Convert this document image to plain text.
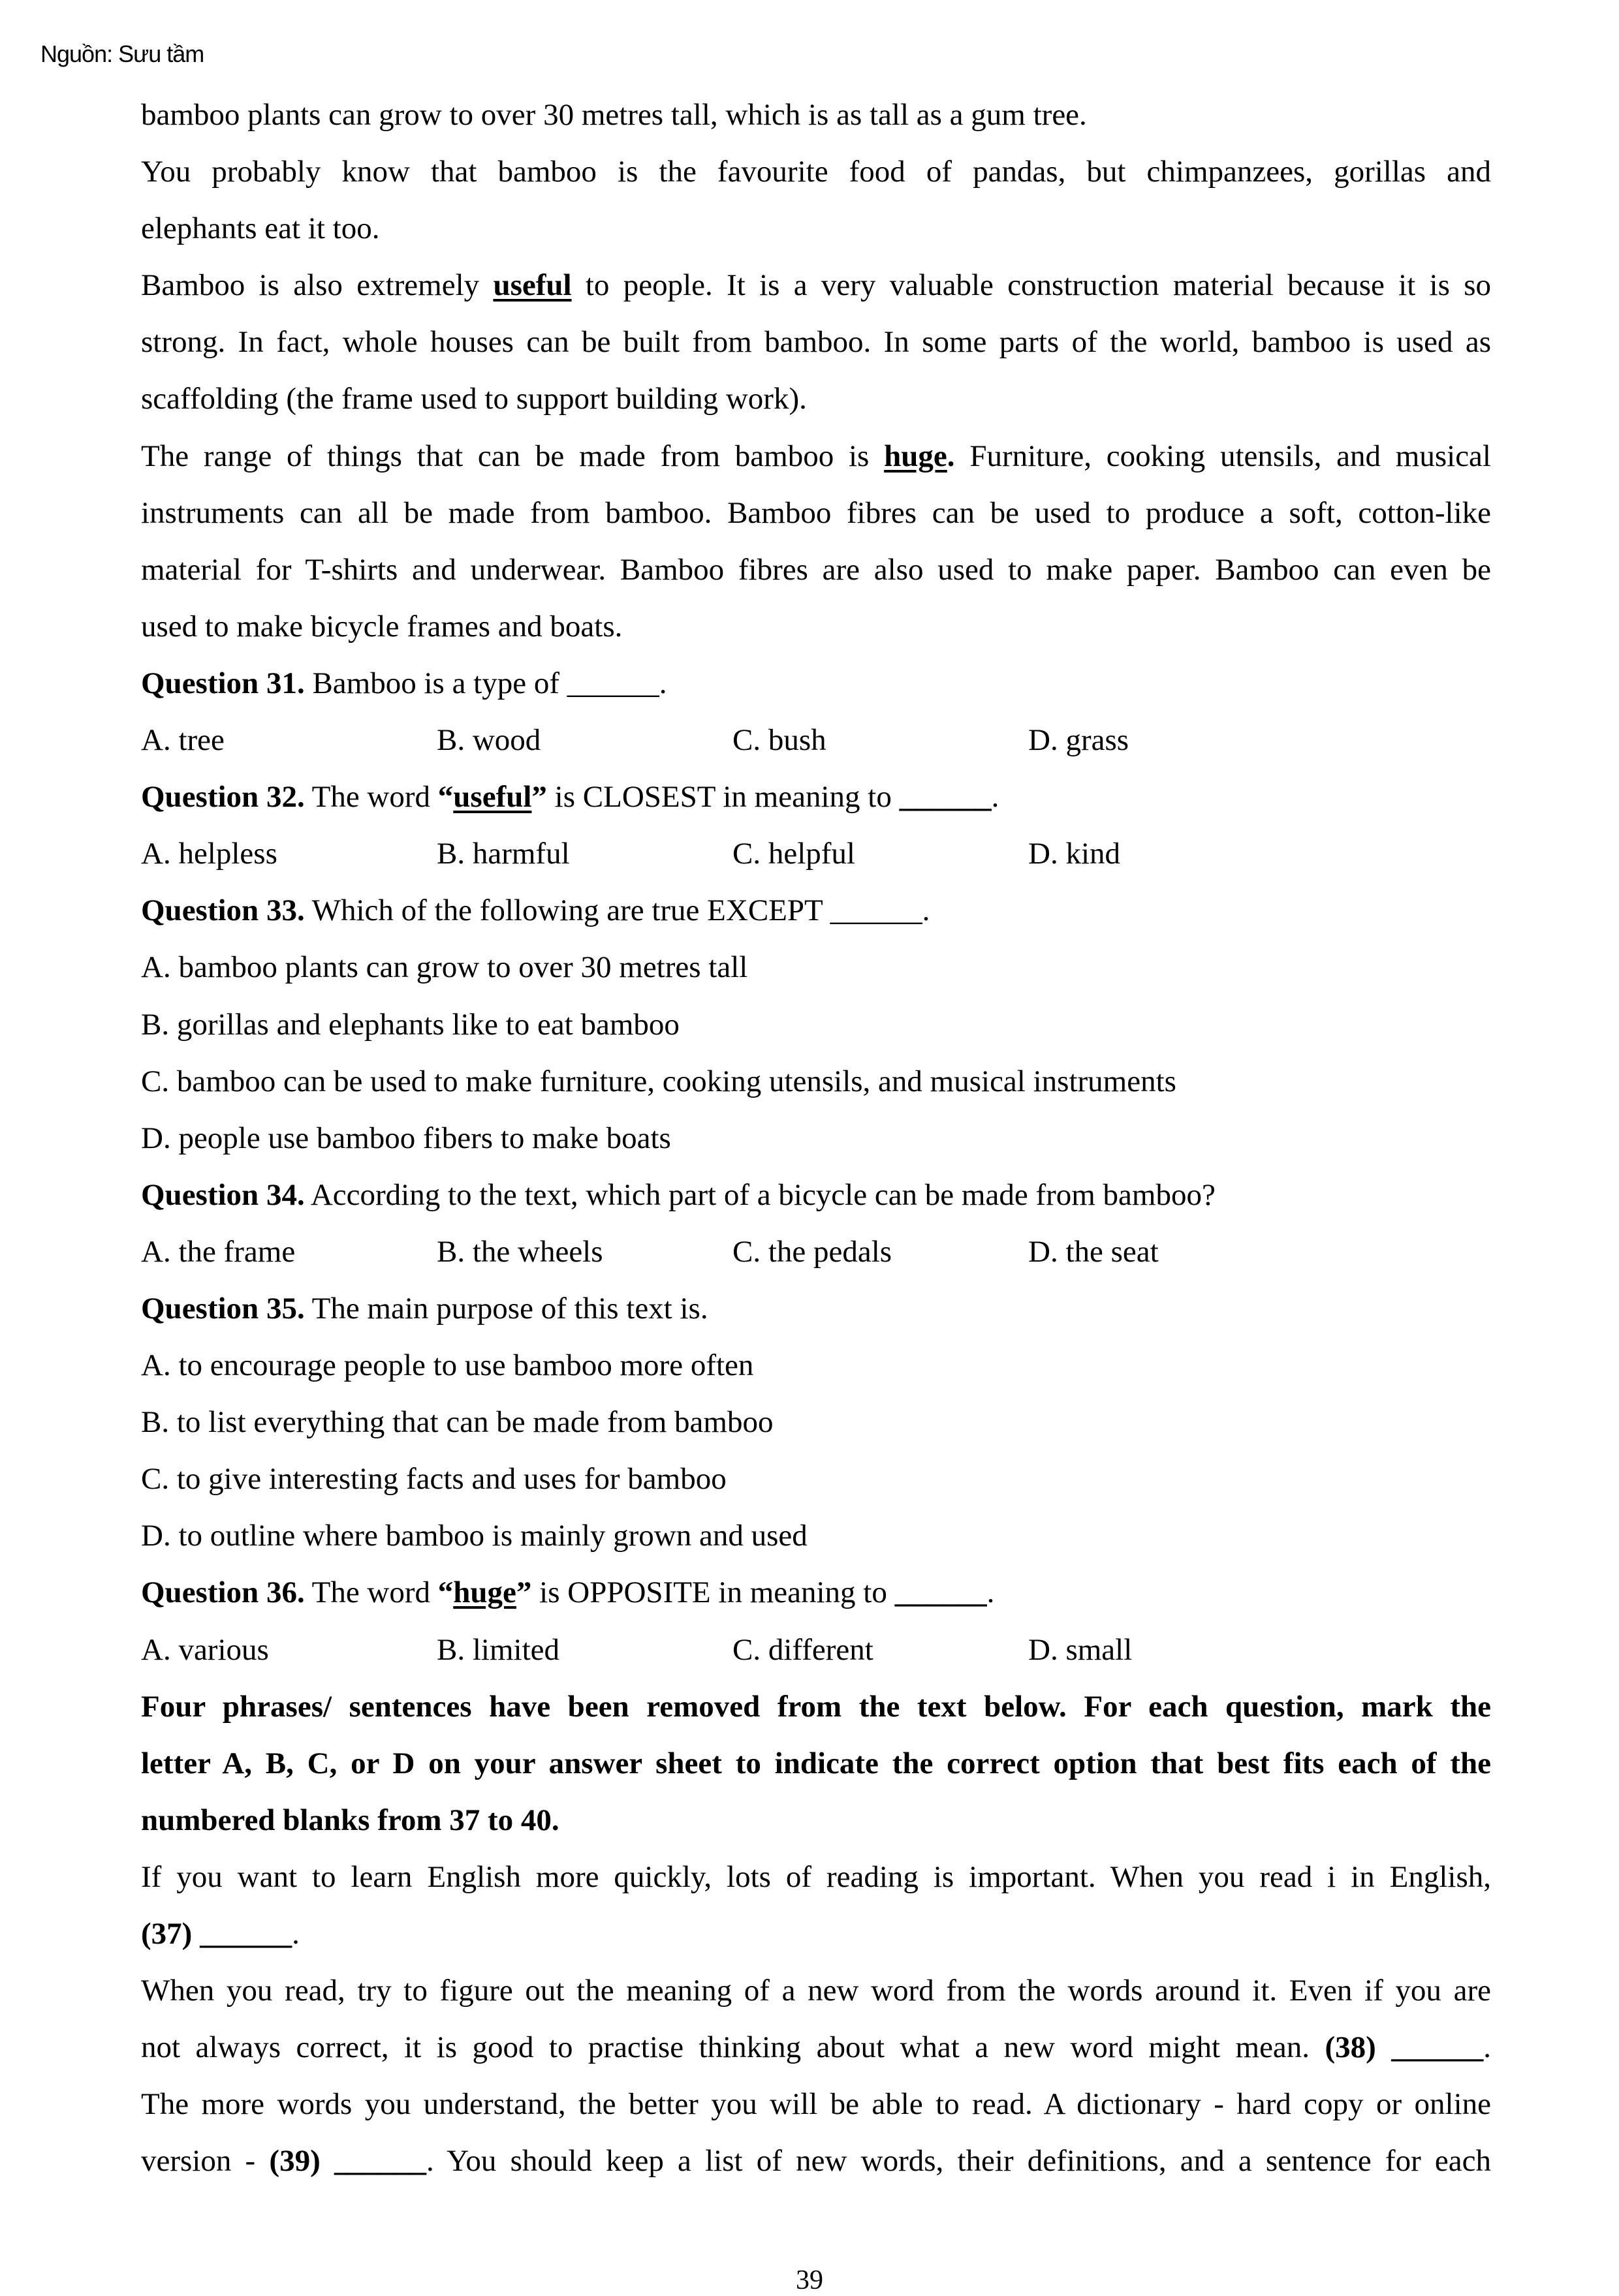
Nguồn: Sưu tầm
bamboo plants can grow to over 30 metres tall, which is as tall as a gum tree.
You probably know that bamboo is the favourite food of pandas, but chimpanzees, gorillas and
elephants eat it too.
Bamboo is also extremely useful to people. It is a very valuable construction material because it is so
strong. In fact, whole houses can be built from bamboo. In some parts of the world, bamboo is used as
scaffolding (the frame used to support building work).
The range of things that can be made from bamboo is huge. Furniture, cooking utensils, and musical
instruments can all be made from bamboo. Bamboo fibres can be used to produce a soft, cotton-like
material for T-shirts and underwear. Bamboo fibres are also used to make paper. Bamboo can even be
used to make bicycle frames and boats.
Question 31. Bamboo is a type of ______.
A. tree	B. wood	C. bush	D. grass
Question 32. The word “useful” is CLOSEST in meaning to ______.
A. helpless	B. harmful	C. helpful	D. kind
Question 33. Which of the following are true EXCEPT ______.
A. bamboo plants can grow to over 30 metres tall
B. gorillas and elephants like to eat bamboo
C. bamboo can be used to make furniture, cooking utensils, and musical instruments
D. people use bamboo fibers to make boats
Question 34. According to the text, which part of a bicycle can be made from bamboo?
A. the frame	B. the wheels	C. the pedals	D. the seat
Question 35. The main purpose of this text is.
A. to encourage people to use bamboo more often
B. to list everything that can be made from bamboo
C. to give interesting facts and uses for bamboo
D. to outline where bamboo is mainly grown and used
Question 36. The word “huge” is OPPOSITE in meaning to ______.
A. various	B. limited	C. different	D. small
Four phrases/ sentences have been removed from the text below. For each question, mark the
letter A, B, C, or D on your answer sheet to indicate the correct option that best fits each of the
numbered blanks from 37 to 40.
If you want to learn English more quickly, lots of reading is important. When you read i in English,
(37) ______.
When you read, try to figure out the meaning of a new word from the words around it. Even if you are
not always correct, it is good to practise thinking about what a new word might mean. (38) ______.
The more words you understand, the better you will be able to read. A dictionary - hard copy or online
version - (39) ______. You should keep a list of new words, their definitions, and a sentence for each
39
